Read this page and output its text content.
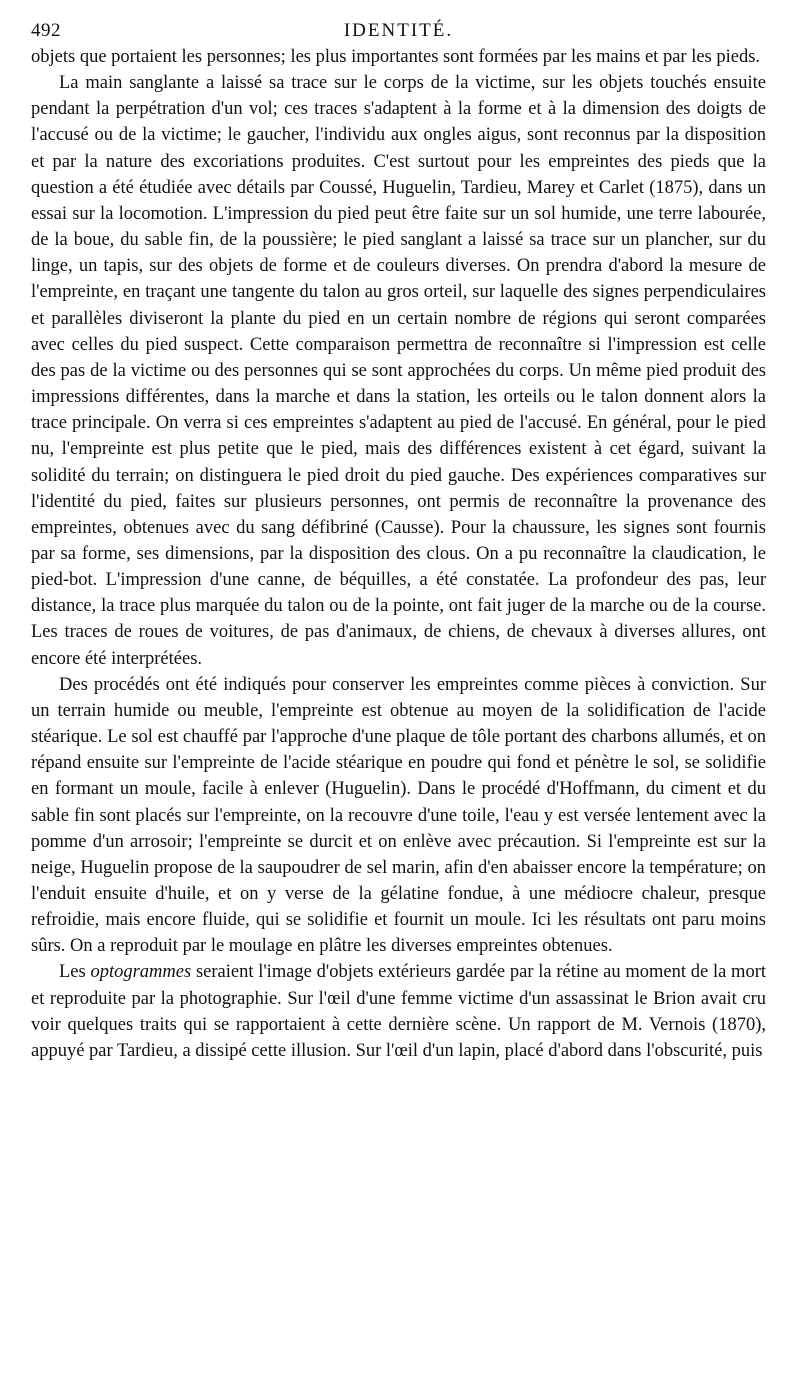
492	IDENTITÉ.

objets que portaient les personnes; les plus importantes sont formées par les mains et par les pieds.

La main sanglante a laissé sa trace sur le corps de la victime, sur les objets touchés ensuite pendant la perpétration d'un vol; ces traces s'adaptent à la forme et à la dimension des doigts de l'accusé ou de la victime; le gaucher, l'individu aux ongles aigus, sont reconnus par la disposition et par la nature des excoriations produites. C'est surtout pour les empreintes des pieds que la question a été étudiée avec détails par Coussé, Huguelin, Tardieu, Marey et Carlet (1875), dans un essai sur la locomotion. L'impression du pied peut être faite sur un sol humide, une terre labourée, de la boue, du sable fin, de la poussière; le pied sanglant a laissé sa trace sur un plancher, sur du linge, un tapis, sur des objets de forme et de couleurs diverses. On prendra d'abord la mesure de l'empreinte, en traçant une tangente du talon au gros orteil, sur laquelle des signes perpendiculaires et parallèles diviseront la plante du pied en un certain nombre de régions qui seront comparées avec celles du pied suspect. Cette comparaison permettra de reconnaître si l'impression est celle des pas de la victime ou des personnes qui se sont approchées du corps. Un même pied produit des impressions différentes, dans la marche et dans la station, les orteils ou le talon donnent alors la trace principale. On verra si ces empreintes s'adaptent au pied de l'accusé. En général, pour le pied nu, l'empreinte est plus petite que le pied, mais des différences existent à cet égard, suivant la solidité du terrain; on distinguera le pied droit du pied gauche. Des expériences comparatives sur l'identité du pied, faites sur plusieurs personnes, ont permis de reconnaître la provenance des empreintes, obtenues avec du sang défibriné (Causse). Pour la chaussure, les signes sont fournis par sa forme, ses dimensions, par la disposition des clous. On a pu reconnaître la claudication, le pied-bot. L'impression d'une canne, de béquilles, a été constatée. La profondeur des pas, leur distance, la trace plus marquée du talon ou de la pointe, ont fait juger de la marche ou de la course. Les traces de roues de voitures, de pas d'animaux, de chiens, de chevaux à diverses allures, ont encore été interprétées.

Des procédés ont été indiqués pour conserver les empreintes comme pièces à conviction. Sur un terrain humide ou meuble, l'empreinte est obtenue au moyen de la solidification de l'acide stéarique. Le sol est chauffé par l'approche d'une plaque de tôle portant des charbons allumés, et on répand ensuite sur l'empreinte de l'acide stéarique en poudre qui fond et pénètre le sol, se solidifie en formant un moule, facile à enlever (Huguelin). Dans le procédé d'Hoffmann, du ciment et du sable fin sont placés sur l'empreinte, on la recouvre d'une toile, l'eau y est versée lentement avec la pomme d'un arrosoir; l'empreinte se durcit et on enlève avec précaution. Si l'empreinte est sur la neige, Huguelin propose de la saupoudrer de sel marin, afin d'en abaisser encore la température; on l'enduit ensuite d'huile, et on y verse de la gélatine fondue, à une médiocre chaleur, presque refroidie, mais encore fluide, qui se solidifie et fournit un moule. Ici les résultats ont paru moins sûrs. On a reproduit par le moulage en plâtre les diverses empreintes obtenues.

Les optogrammes seraient l'image d'objets extérieurs gardée par la rétine au moment de la mort et reproduite par la photographie. Sur l'œil d'une femme victime d'un assassinat le Brion avait cru voir quelques traits qui se rapportaient à cette dernière scène. Un rapport de M. Vernois (1870), appuyé par Tardieu, a dissipé cette illusion. Sur l'œil d'un lapin, placé d'abord dans l'obscurité, puis
